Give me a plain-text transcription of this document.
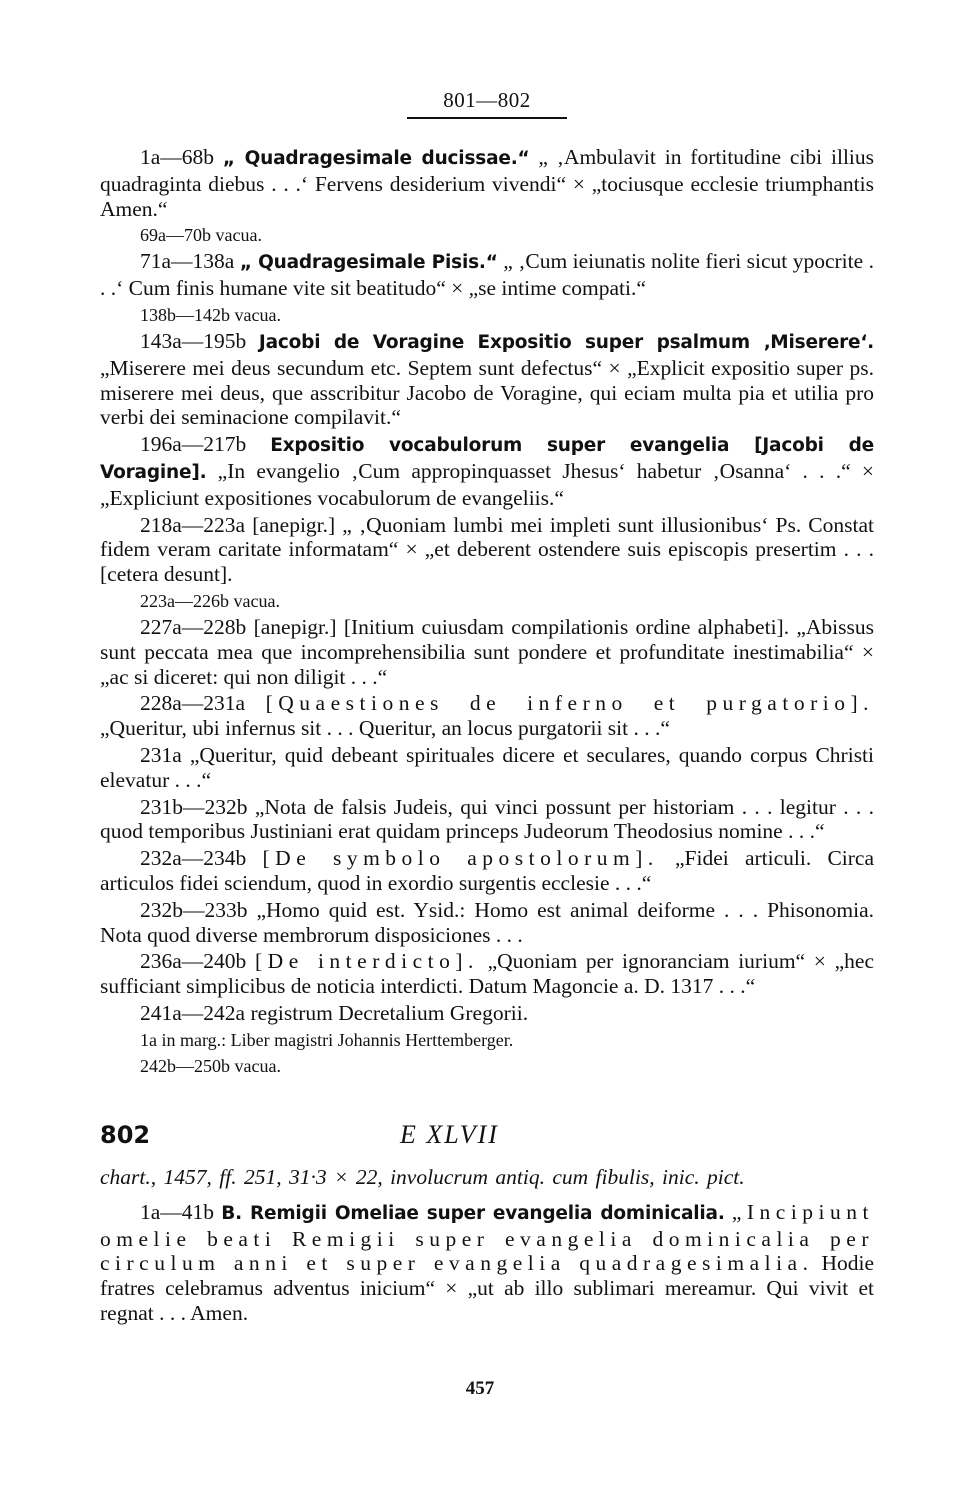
801—802
1a—68b „ Quadragesimale ducissae.“ „ ‚Ambulavit in fortitudine cibi illius quadraginta diebus . . .‘ Fervens desiderium vivendi“ × „tociusque ecclesie triumphantis Amen.“
69a—70b vacua.
71a—138a „ Quadragesimale Pisis.“ „ ‚Cum ieiunatis nolite fieri sicut ypocrite . . .‘ Cum finis humane vite sit beatitudo“ × „se intime compati.“
138b—142b vacua.
143a—195b Jacobi de Voragine Expositio super psalmum ‚Miserere‘. „Miserere mei deus secundum etc. Septem sunt defectus“ × „Explicit expositio super ps. miserere mei deus, que asscribitur Jacobo de Voragine, qui eciam multa pia et utilia pro verbi dei seminacione compilavit.“
196a—217b Expositio vocabulorum super evangelia [Jacobi de Voragine]. „In evangelio ‚Cum appropinquasset Jhesus‘ habetur ‚Osanna‘ . . .“ × „Expliciunt expositiones vocabulorum de evangeliis.“
218a—223a [anepigr.] „ ‚Quoniam lumbi mei impleti sunt illusionibus‘ Ps. Constat fidem veram caritate informatam“ × „et deberent ostendere suis episcopis presertim . . . [cetera desunt].
223a—226b vacua.
227a—228b [anepigr.] [Initium cuiusdam compilationis ordine alphabeti]. „Abissus sunt peccata mea que incomprehensibilia sunt pondere et profunditate inestimabilia“ × „ac si diceret: qui non diligit . . .“
228a—231a [Quaestiones de inferno et purgatorio]. „Queritur, ubi infernus sit . . . Queritur, an locus purgatorii sit . . .“
231a „Queritur, quid debeant spirituales dicere et seculares, quando corpus Christi elevatur . . .“
231b—232b „Nota de falsis Judeis, qui vinci possunt per historiam . . . legitur . . . quod temporibus Justiniani erat quidam princeps Judeorum Theodosius nomine . . .“
232a—234b [De symbolo apostolorum]. „Fidei articuli. Circa articulos fidei sciendum, quod in exordio surgentis ecclesie . . .“
232b—233b „Homo quid est. Ysid.: Homo est animal deiforme . . . Phisonomia. Nota quod diverse membrorum disposiciones . . .
236a—240b [De interdicto]. „Quoniam per ignoranciam iurium“ × „hec sufficiant simplicibus de noticia interdicti. Datum Magoncie a. D. 1317 . . .“
241a—242a registrum Decretalium Gregorii.
1a in marg.: Liber magistri Johannis Herttemberger.
242b—250b vacua.
802	E XLVII
chart., 1457, ff. 251, 31·3 × 22, involucrum antiq. cum fibulis, inic. pict.
1a—41b B. Remigii Omeliae super evangelia dominicalia. „Incipiunt omelie beati Remigii super evangelia dominicalia per circulum anni et super evangelia quadragesimalia. Hodie fratres celebramus adventus inicium“ × „ut ab illo sublimari mereamur. Qui vivit et regnat . . . Amen.
457
